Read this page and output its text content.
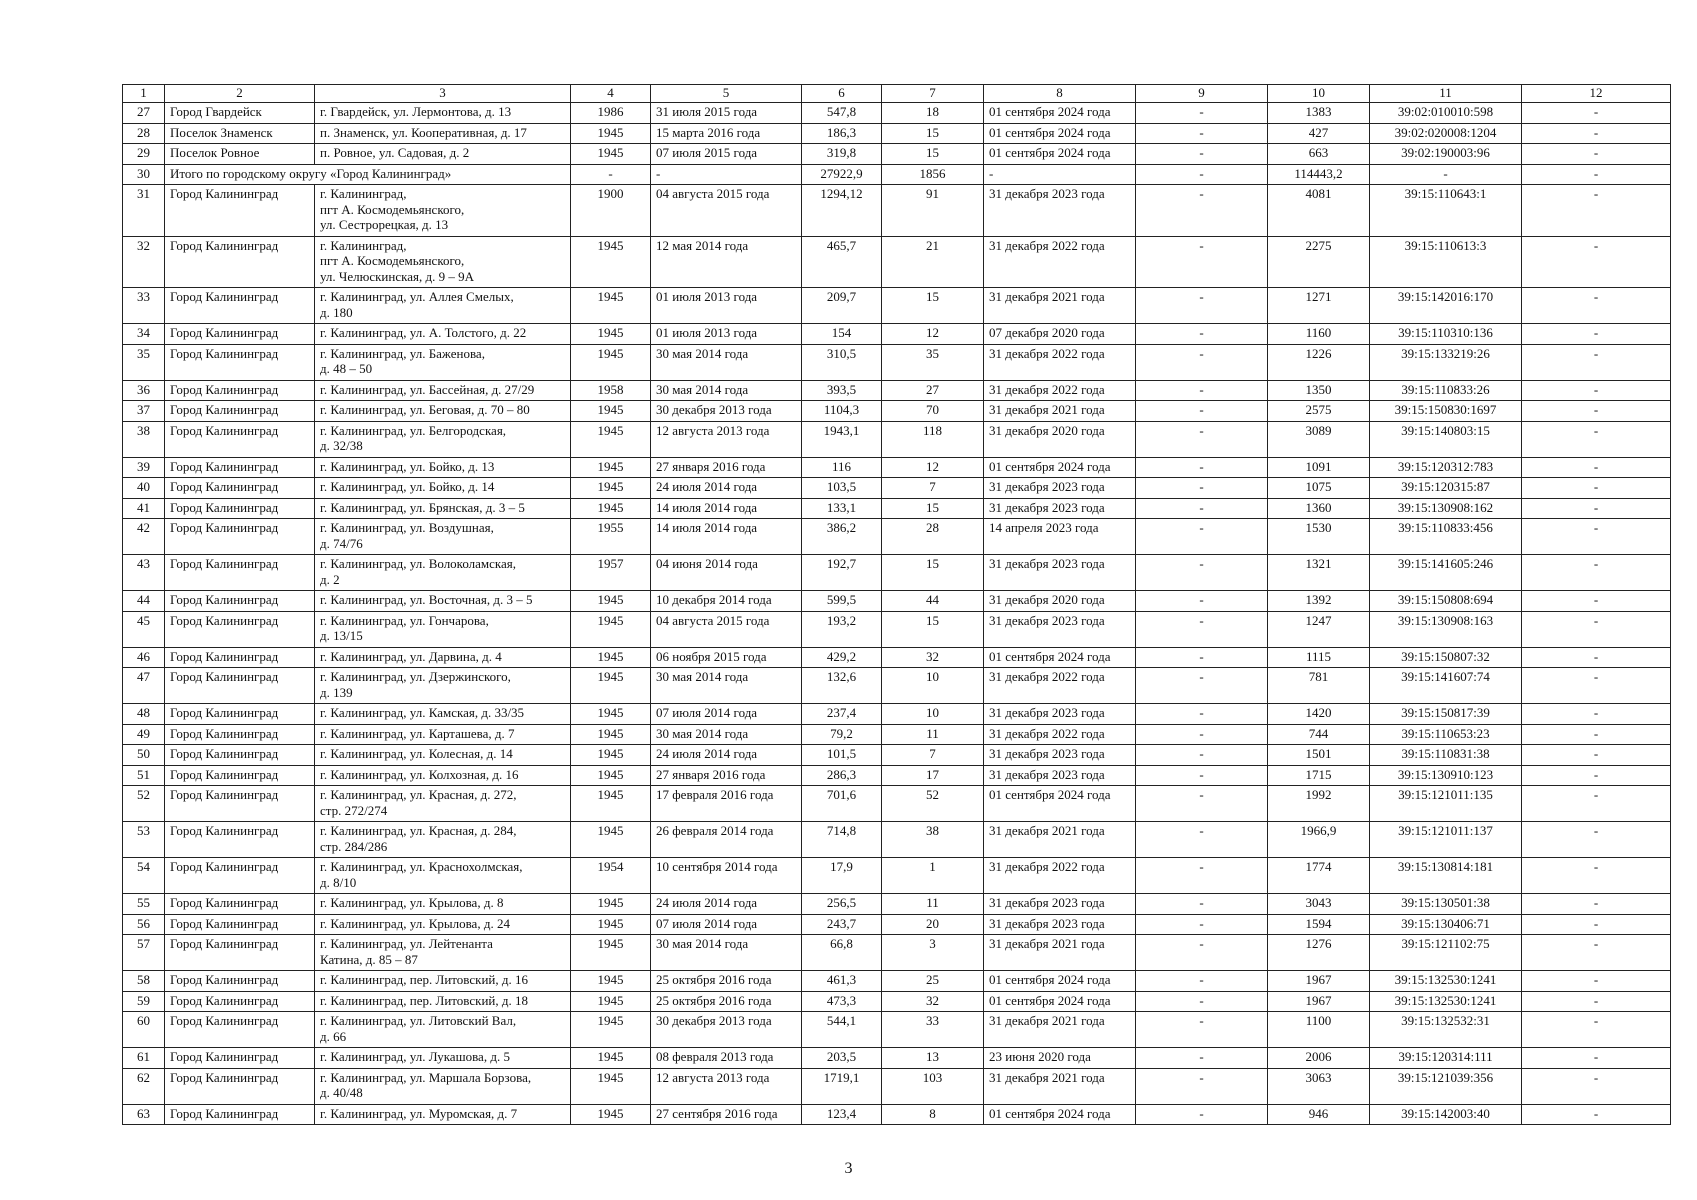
1	2	3	4	5	6	7	8	9	10	11	12
27	Город Гвардейск	г. Гвардейск, ул. Лермонтова, д. 13	1986	31 июля 2015 года	547,8	18	01 сентября 2024 года	-	1383	39:02:010010:598	-
28	Поселок Знаменск	п. Знаменск, ул. Кооперативная, д. 17	1945	15 марта 2016 года	186,3	15	01 сентября 2024 года	-	427	39:02:020008:1204	-
29	Поселок Ровное	п. Ровное, ул. Садовая, д. 2	1945	07 июля 2015 года	319,8	15	01 сентября 2024 года	-	663	39:02:190003:96	-
30	Итого по городскому округу «Город Калининград»		-	-	27922,9	1856	-	-	114443,2	-	-
31	Город Калининград	г. Калининград,
пгт А. Космодемьянского,
ул. Сестрорецкая, д. 13	1900	04 августа 2015 года	1294,12	91	31 декабря 2023 года	-	4081	39:15:110643:1	-
32	Город Калининград	г. Калининград,
пгт А. Космодемьянского,
ул. Челюскинская, д. 9 – 9А	1945	12 мая 2014 года	465,7	21	31 декабря 2022 года	-	2275	39:15:110613:3	-
33	Город Калининград	г. Калининград, ул. Аллея Смелых,
д. 180	1945	01 июля 2013 года	209,7	15	31 декабря 2021 года	-	1271	39:15:142016:170	-
34	Город Калининград	г. Калининград, ул. А. Толстого, д. 22	1945	01 июля 2013 года	154	12	07 декабря 2020 года	-	1160	39:15:110310:136	-
35	Город Калининград	г. Калининград, ул. Баженова,
д. 48 – 50	1945	30 мая 2014 года	310,5	35	31 декабря 2022 года	-	1226	39:15:133219:26	-
36	Город Калининград	г. Калининград, ул. Бассейная, д. 27/29	1958	30 мая 2014 года	393,5	27	31 декабря 2022 года	-	1350	39:15:110833:26	-
37	Город Калининград	г. Калининград, ул. Беговая, д. 70 – 80	1945	30 декабря 2013 года	1104,3	70	31 декабря 2021 года	-	2575	39:15:150830:1697	-
38	Город Калининград	г. Калининград, ул. Белгородская,
д. 32/38	1945	12 августа 2013 года	1943,1	118	31 декабря 2020 года	-	3089	39:15:140803:15	-
39	Город Калининград	г. Калининград, ул. Бойко, д. 13	1945	27 января 2016 года	116	12	01 сентября 2024 года	-	1091	39:15:120312:783	-
40	Город Калининград	г. Калининград, ул. Бойко, д. 14	1945	24 июля 2014 года	103,5	7	31 декабря 2023 года	-	1075	39:15:120315:87	-
41	Город Калининград	г. Калининград, ул. Брянская, д. 3 – 5	1945	14 июля 2014 года	133,1	15	31 декабря 2023 года	-	1360	39:15:130908:162	-
42	Город Калининград	г. Калининград, ул. Воздушная,
д. 74/76	1955	14 июля 2014 года	386,2	28	14 апреля 2023 года	-	1530	39:15:110833:456	-
43	Город Калининград	г. Калининград, ул. Волоколамская,
д. 2	1957	04 июня 2014 года	192,7	15	31 декабря 2023 года	-	1321	39:15:141605:246	-
44	Город Калининград	г. Калининград, ул. Восточная, д. 3 – 5	1945	10 декабря 2014 года	599,5	44	31 декабря 2020 года	-	1392	39:15:150808:694	-
45	Город Калининград	г. Калининград, ул. Гончарова,
д. 13/15	1945	04 августа 2015 года	193,2	15	31 декабря 2023 года	-	1247	39:15:130908:163	-
46	Город Калининград	г. Калининград, ул. Дарвина, д. 4	1945	06 ноября 2015 года	429,2	32	01 сентября 2024 года	-	1115	39:15:150807:32	-
47	Город Калининград	г. Калининград, ул. Дзержинского,
д. 139	1945	30 мая 2014 года	132,6	10	31 декабря 2022 года	-	781	39:15:141607:74	-
48	Город Калининград	г. Калининград, ул. Камская, д. 33/35	1945	07 июля 2014 года	237,4	10	31 декабря 2023 года	-	1420	39:15:150817:39	-
49	Город Калининград	г. Калининград, ул. Карташева, д. 7	1945	30 мая 2014 года	79,2	11	31 декабря 2022 года	-	744	39:15:110653:23	-
50	Город Калининград	г. Калининград, ул. Колесная, д. 14	1945	24 июля 2014 года	101,5	7	31 декабря 2023 года	-	1501	39:15:110831:38	-
51	Город Калининград	г. Калининград, ул. Колхозная, д. 16	1945	27 января 2016 года	286,3	17	31 декабря 2023 года	-	1715	39:15:130910:123	-
52	Город Калининград	г. Калининград, ул. Красная, д. 272,
стр. 272/274	1945	17 февраля 2016 года	701,6	52	01 сентября 2024 года	-	1992	39:15:121011:135	-
53	Город Калининград	г. Калининград, ул. Красная, д. 284,
стр. 284/286	1945	26 февраля 2014 года	714,8	38	31 декабря 2021 года	-	1966,9	39:15:121011:137	-
54	Город Калининград	г. Калининград, ул. Краснохолмская,
д. 8/10	1954	10 сентября 2014 года	17,9	1	31 декабря 2022 года	-	1774	39:15:130814:181	-
55	Город Калининград	г. Калининград, ул. Крылова, д. 8	1945	24 июля 2014 года	256,5	11	31 декабря 2023 года	-	3043	39:15:130501:38	-
56	Город Калининград	г. Калининград, ул. Крылова, д. 24	1945	07 июля 2014 года	243,7	20	31 декабря 2023 года	-	1594	39:15:130406:71	-
57	Город Калининград	г. Калининград, ул. Лейтенанта
Катина, д. 85 – 87	1945	30 мая 2014 года	66,8	3	31 декабря 2021 года	-	1276	39:15:121102:75	-
58	Город Калининград	г. Калининград, пер. Литовский, д. 16	1945	25 октября 2016 года	461,3	25	01 сентября 2024 года	-	1967	39:15:132530:1241	-
59	Город Калининград	г. Калининград, пер. Литовский, д. 18	1945	25 октября 2016 года	473,3	32	01 сентября 2024 года	-	1967	39:15:132530:1241	-
60	Город Калининград	г. Калининград, ул. Литовский Вал,
д. 66	1945	30 декабря 2013 года	544,1	33	31 декабря 2021 года	-	1100	39:15:132532:31	-
61	Город Калининград	г. Калининград, ул. Лукашова, д. 5	1945	08 февраля 2013 года	203,5	13	23 июня 2020 года	-	2006	39:15:120314:111	-
62	Город Калининград	г. Калининград, ул. Маршала Борзова,
д. 40/48	1945	12 августа 2013 года	1719,1	103	31 декабря 2021 года	-	3063	39:15:121039:356	-
63	Город Калининград	г. Калининград, ул. Муромская, д. 7	1945	27 сентября 2016 года	123,4	8	01 сентября 2024 года	-	946	39:15:142003:40	-
3
